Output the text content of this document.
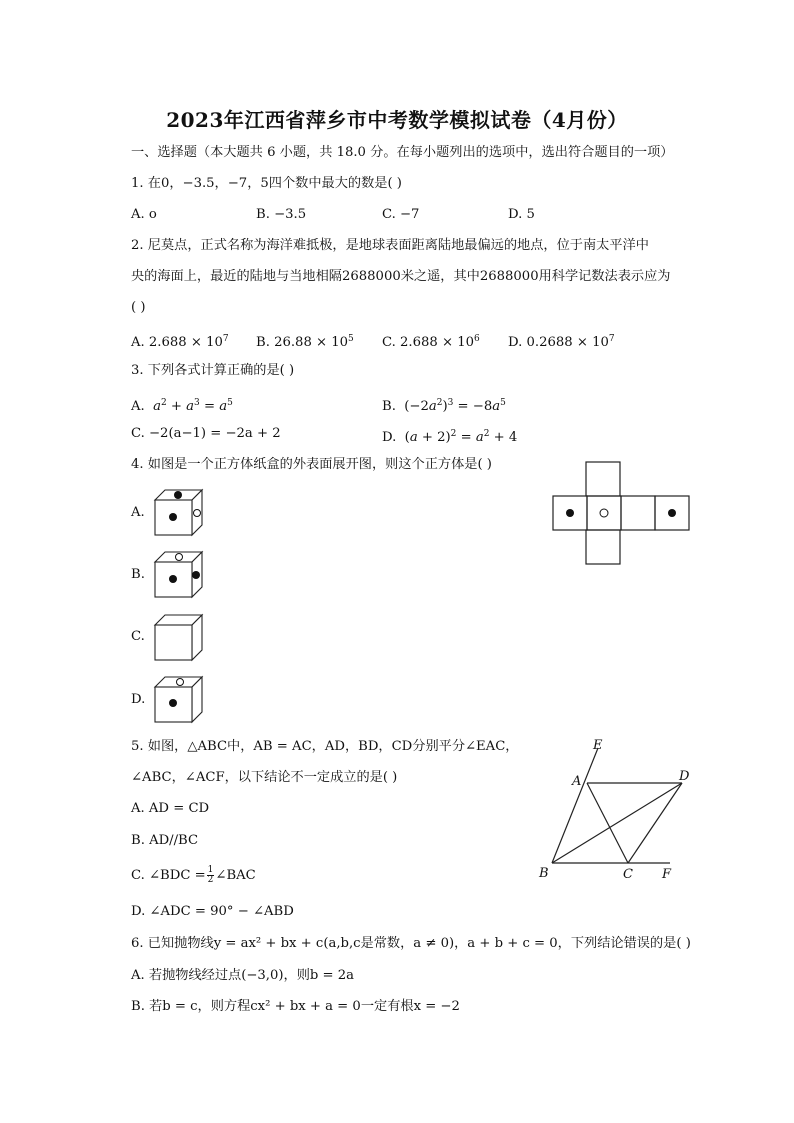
2023年江西省萍乡市中考数学模拟试卷（4月份）
一、选择题（本大题共 6 小题，共 18.0 分。在每小题列出的选项中，选出符合题目的一项）
1. 在0，−3.5，−7，5四个数中最大的数是( )
A. o	B. −3.5	C. −7	D. 5
2. 尼莫点，正式名称为海洋难抵极，是地球表面距离陆地最偏远的地点，位于南太平洋中
央的海面上，最近的陆地与当地相隔2688000米之遥，其中2688000用科学记数法表示应为
( )
A. $2.688 \times 10^7$ B. $26.88 \times 10^5$ C. $2.688 \times 10^6$ D. $0.2688 \times 10^7$
3. 下列各式计算正确的是( )
A. $a^2 + a^3 = a^5$	B.  $(-2a^2)^3 = -8a^5$
C. −2(a−1) = −2a + 2	D.  $(a + 2)^2 = a^2 + 4$
4. 如图是一个正方体纸盒的外表面展开图，则这个正方体是( )
A.
B.
C.
D.
5. 如图，△ABC中，AB = AC，AD，BD，CD分别平分∠EAC，
∠ABC，∠ACF，以下结论不一定成立的是( )
A. AD = CD
B. AD//BC
C. ∠BDC = $\frac{1}{2}$ ∠BAC
D. ∠ADC = 90° − ∠ABD
E
A	D
B	C F
6. 已知抛物线y = ax² + bx + c(a,b,c是常数，a ≠ 0)，a + b + c = 0，下列结论错误的是( )
A. 若抛物线经过点(−3,0)，则b = 2a
B. 若b = c，则方程cx² + bx + a = 0一定有根x = −2
